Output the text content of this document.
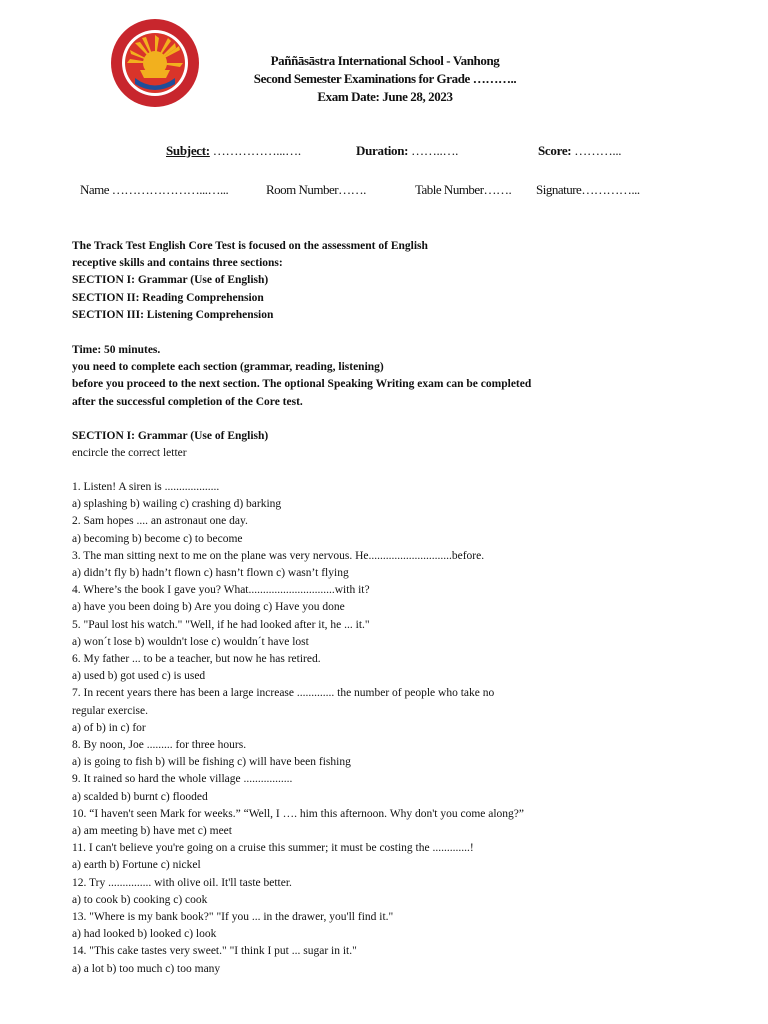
Paññāsāstra International School - Vanhong
Second Semester Examinations for Grade ………..
Exam Date: June 28, 2023
Subject: ……………...….	Duration: ……..….	Score: ………...
Name …………………...…...	Room Number…….	Table Number……. Signature…………...
The Track Test English Core Test is focused on the assessment of English
receptive skills and contains three sections:
SECTION I: Grammar (Use of English)
SECTION II: Reading Comprehension
SECTION III: Listening Comprehension
Time: 50 minutes.
you need to complete each section (grammar, reading, listening)
before you proceed to the next section. The optional Speaking Writing exam can be completed
after the successful completion of the Core test.
SECTION I: Grammar (Use of English)
encircle the correct letter
1. Listen! A siren is ...................
a) splashing b) wailing c) crashing d) barking
2. Sam hopes .... an astronaut one day.
a) becoming b) become c) to become
3. The man sitting next to me on the plane was very nervous. He.............................before.
a) didn’t fly b) hadn’t flown c) hasn’t flown c) wasn’t flying
4. Where’s the book I gave you? What..............................with it?
a) have you been doing b) Are you doing c) Have you done
5. "Paul lost his watch." "Well, if he had looked after it, he ... it."
a) won´t lose b) wouldn't lose c) wouldn´t have lost
6. My father ... to be a teacher, but now he has retired.
a) used b) got used c) is used
7. In recent years there has been a large increase ............. the number of people who take no
regular exercise.
a) of b) in c) for
8. By noon, Joe ......... for three hours.
a) is going to fish b) will be fishing c) will have been fishing
9. It rained so hard the whole village .................
a) scalded b) burnt c) flooded
10. “I haven't seen Mark for weeks.” “Well, I …. him this afternoon. Why don't you come along?”
a) am meeting b) have met c) meet
11. I can't believe you're going on a cruise this summer; it must be costing the .............!
a) earth b) Fortune c) nickel
12. Try ............... with olive oil. It'll taste better.
a) to cook b) cooking c) cook
13. "Where is my bank book?" "If you ... in the drawer, you'll find it."
a) had looked b) looked c) look
14. "This cake tastes very sweet." "I think I put ... sugar in it."
a) a lot b) too much c) too many
